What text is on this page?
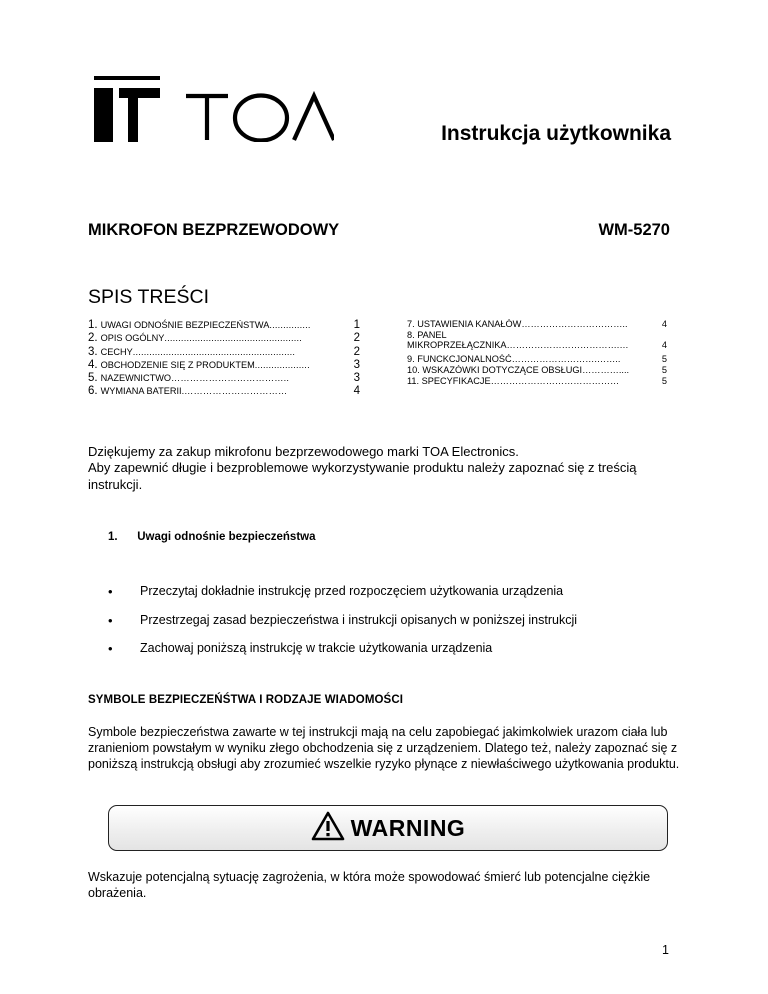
Instrukcja użytkownika
MIKROFON BEZPRZEWODOWY	WM-5270
SPIS TREŚCI
1. UWAGI ODNOŚNIE BEZPIECZEŃSTWA ...............	1
2. OPIS OGÓLNY ..................................................	2
3. CECHY ...........................................................	2
4. OBCHODZENIE SIĘ Z PRODUKTEM ....................	3
5. NAZEWNICTWO ………………………………..	3
6. WYMIANA BATERII. ……………………………	4
7. USTAWIENIA KANAŁÓW ……………………………..	4
8. PANEL
MIKROPRZEŁĄCZNIKA ……………………………….…	4
9. FUNCKCJONALNOŚĆ ……………………….……..	5
10. WSKAZÓWKI DOTYCZĄCE OBSŁUGI …………....	5
11. SPECYFIKACJE ……………………………………	5

Dziękujemy za zakup mikrofonu bezprzewodowego marki TOA Electronics.

Aby zapewnić długie i bezproblemowe wykorzystywanie produktu należy zapoznać się z treścią instrukcji.

1. Uwagi odnośnie bezpieczeństwa
•	Przeczytaj dokładnie instrukcję przed rozpoczęciem użytkowania urządzenia
•	Przestrzegaj zasad bezpieczeństwa i instrukcji opisanych w poniższej instrukcji
•	Zachowaj poniższą instrukcję w trakcie użytkowania urządzenia
SYMBOLE BEZPIECZEŃŚTWA I RODZAJE WIADOMOŚCI
Symbole bezpieczeństwa zawarte w tej instrukcji mają na celu zapobiegać jakimkolwiek urazom ciała lub zranieniom powstałym w wyniku złego obchodzenia się z urządzeniem. Dlatego też, należy zapoznać się z poniższą instrukcją obsługi aby zrozumieć wszelkie ryzyko płynące z niewłaściwego użytkowania produktu.
WARNING
Wskazuje potencjalną sytuację zagrożenia, w która może spowodować śmierć lub potencjalne ciężkie obrażenia.
1
